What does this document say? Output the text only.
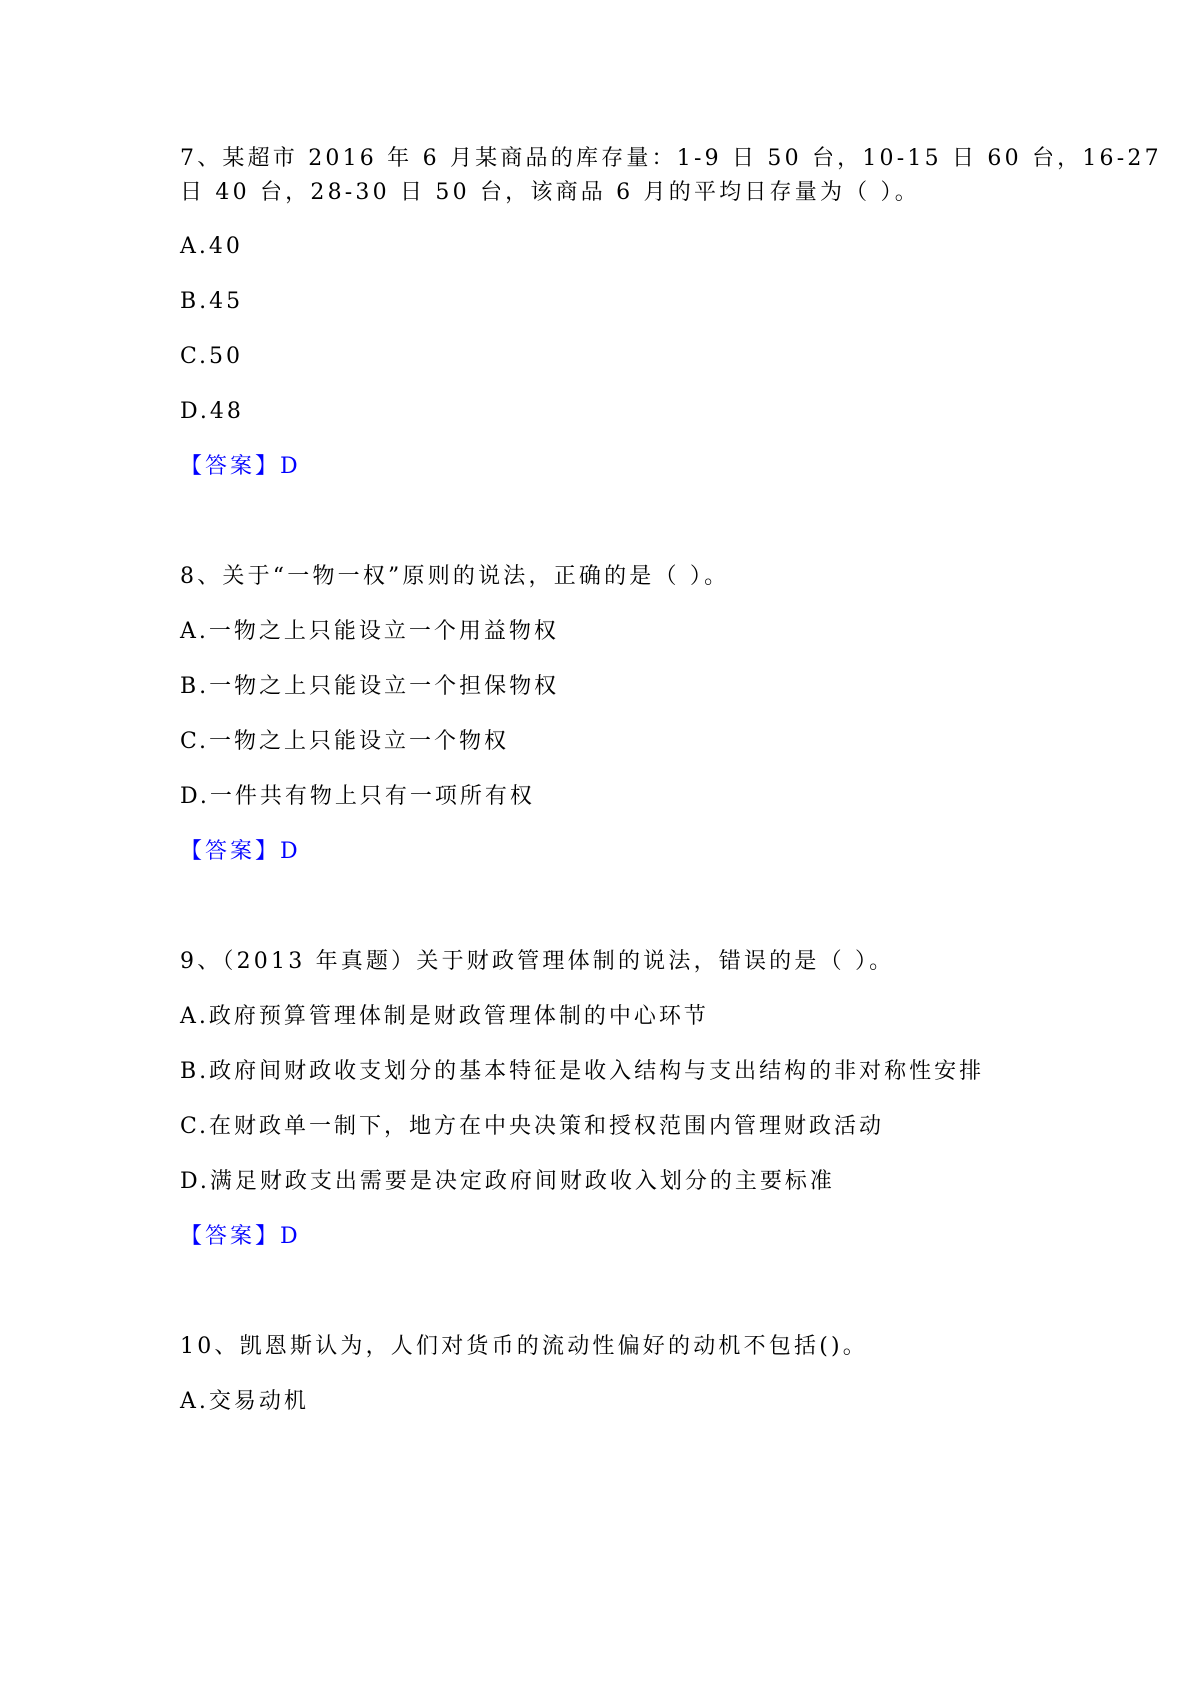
7、某超市 2016 年 6 月某商品的库存量：1-9 日 50 台，10-15 日 60 台，16-27
日 40 台，28-30 日 50 台，该商品 6 月的平均日存量为（ ）。
A.40
B.45
C.50
D.48
【答案】D
8、关于“一物一权”原则的说法，正确的是（ ）。
A.一物之上只能设立一个用益物权
B.一物之上只能设立一个担保物权
C.一物之上只能设立一个物权
D.一件共有物上只有一项所有权
【答案】D
9、（2013 年真题）关于财政管理体制的说法，错误的是（ ）。
A.政府预算管理体制是财政管理体制的中心环节
B.政府间财政收支划分的基本特征是收入结构与支出结构的非对称性安排
C.在财政单一制下，地方在中央决策和授权范围内管理财政活动
D.满足财政支出需要是决定政府间财政收入划分的主要标准
【答案】D
10、凯恩斯认为，人们对货币的流动性偏好的动机不包括()。
A.交易动机
